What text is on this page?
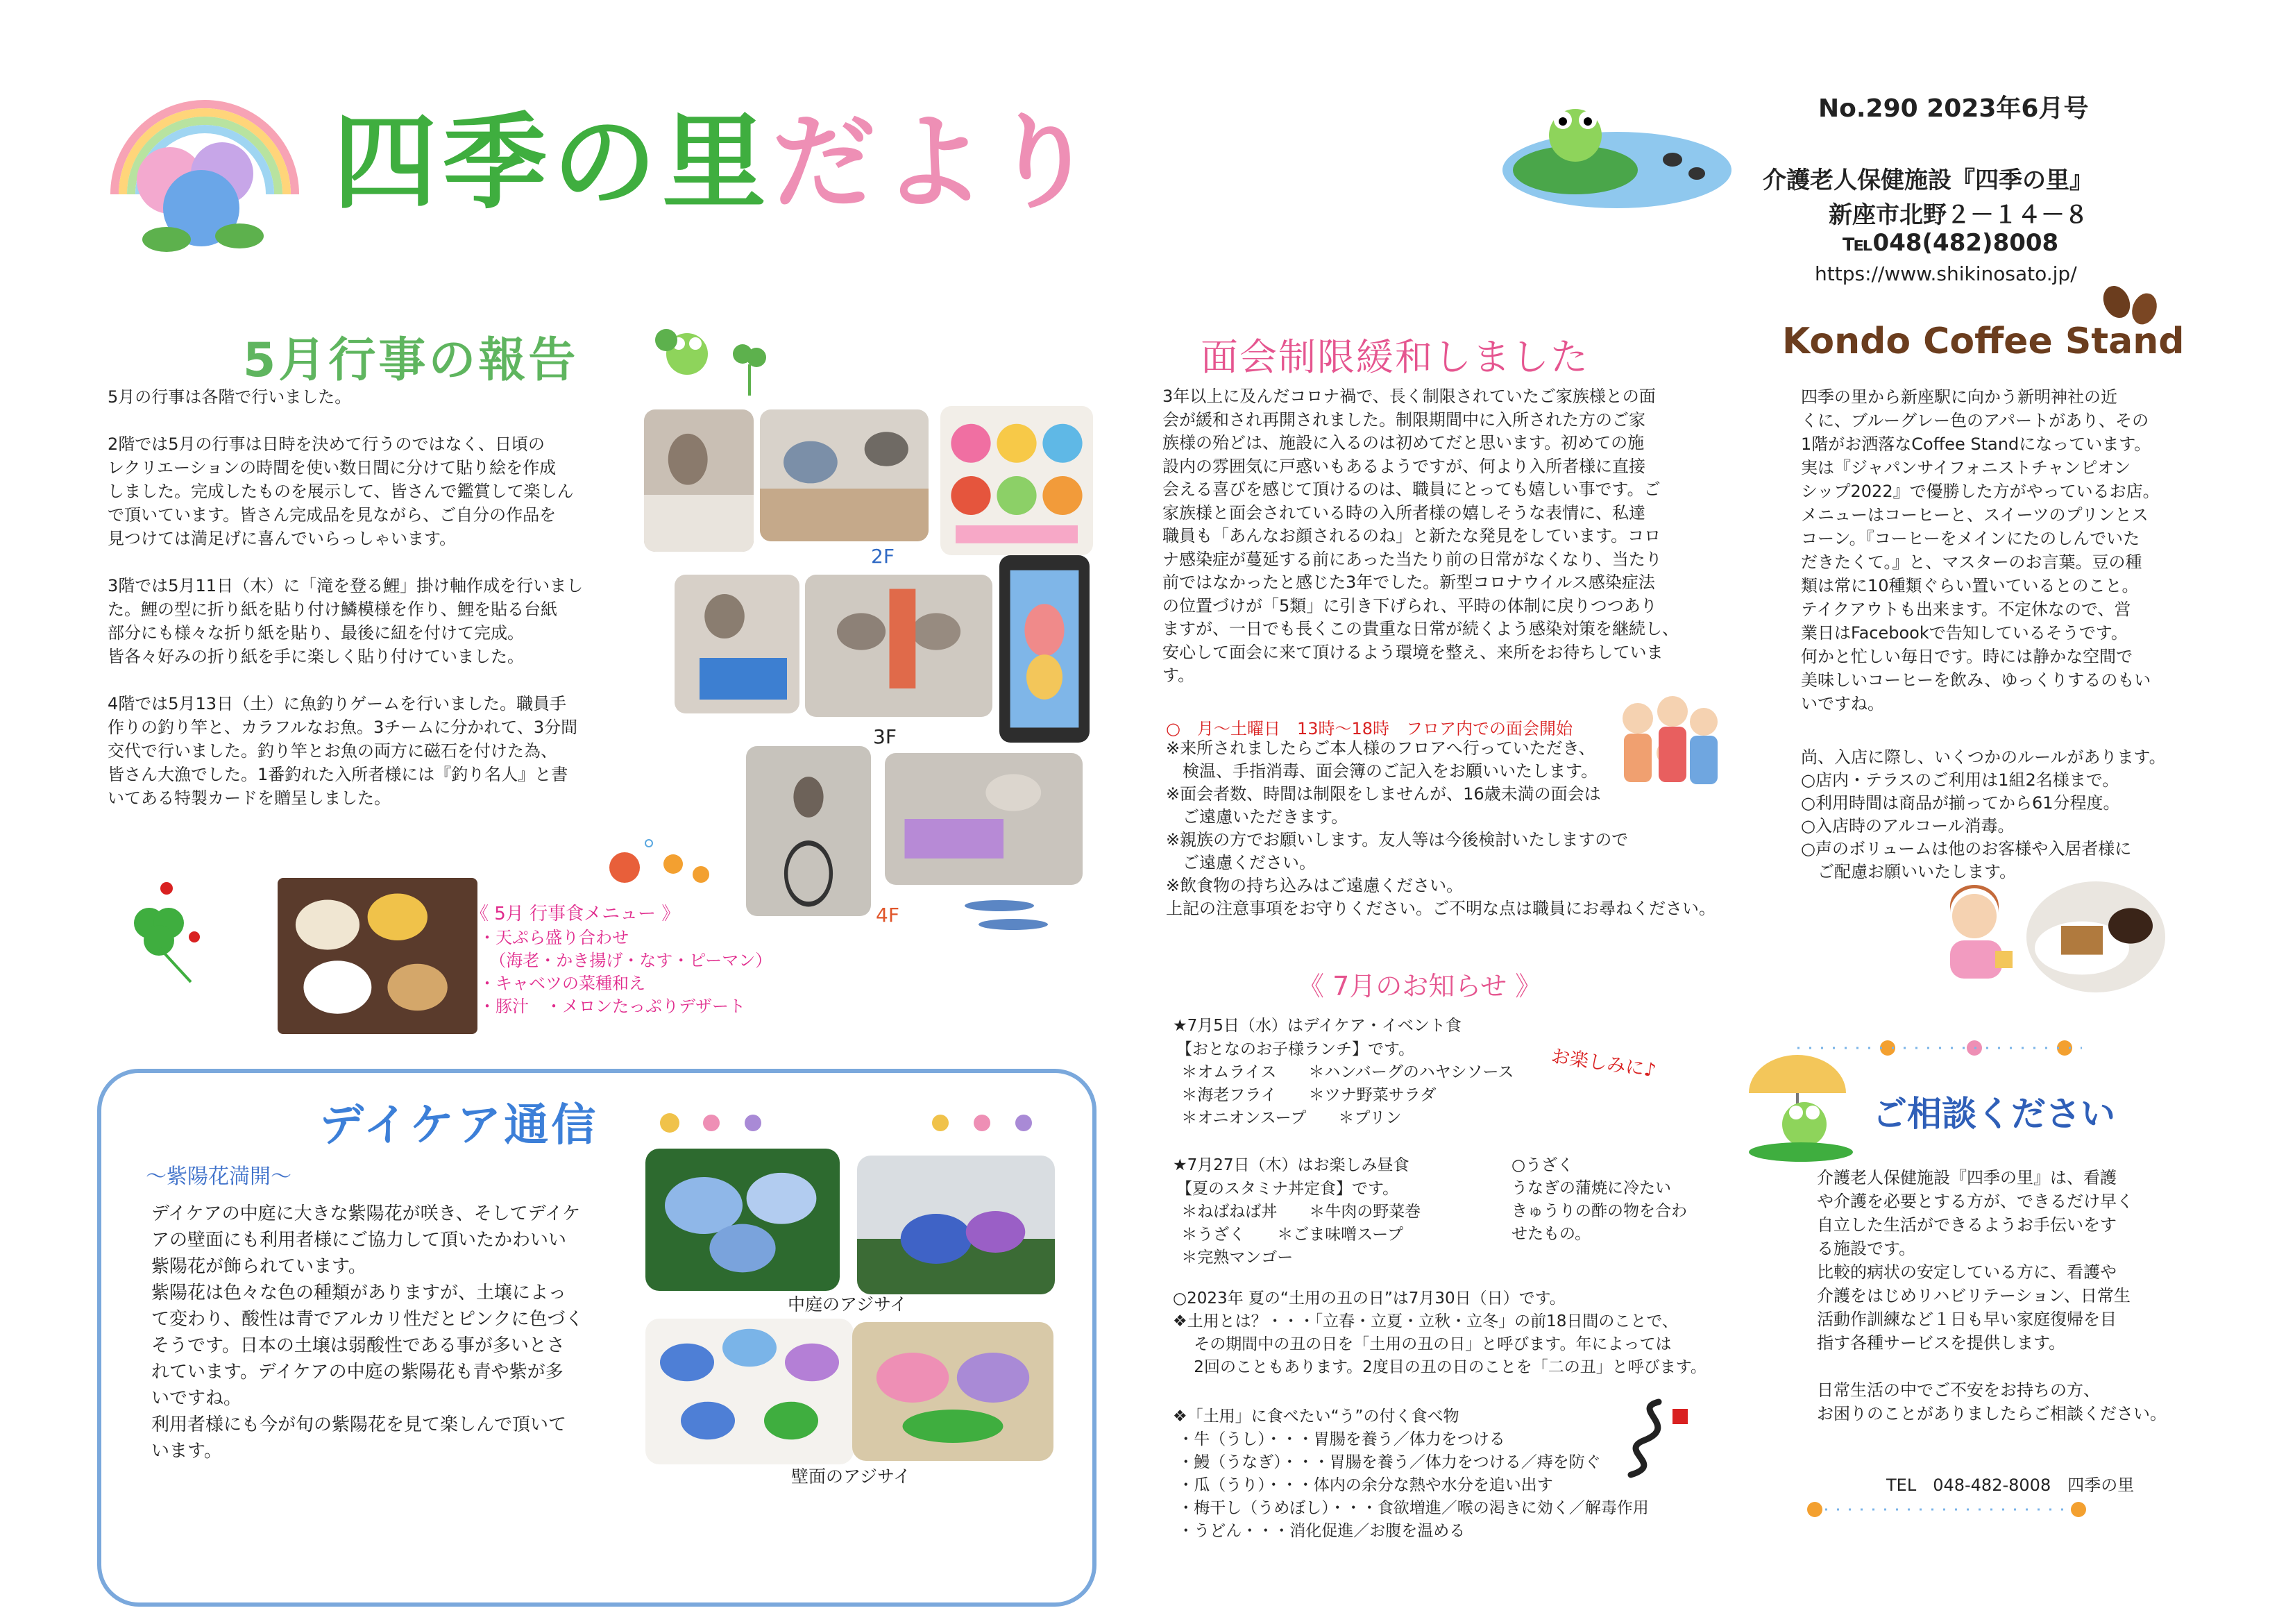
四季の里だより	No.290 2023年6月号
介護老人保健施設『四季の里』
新座市北野２－１４－８
℡048(482)8008
https://www.shikinosato.jp/
5月行事の報告
5月の行事は各階で行いました。

2階では5月の行事は日時を決めて行うのではなく、日頃の
レクリエーションの時間を使い数日間に分けて貼り絵を作成
しました。完成したものを展示して、皆さんで鑑賞して楽しん
で頂いています。皆さん完成品を見ながら、ご自分の作品を
見つけては満足げに喜んでいらっしゃいます。

3階では5月11日（木）に「滝を登る鯉」掛け軸作成を行いまし
た。鯉の型に折り紙を貼り付け鱗模様を作り、鯉を貼る台紙
部分にも様々な折り紙を貼り、最後に紐を付けて完成。
皆各々好みの折り紙を手に楽しく貼り付けていました。

4階では5月13日（土）に魚釣りゲームを行いました。職員手
作りの釣り竿と、カラフルなお魚。3チームに分かれて、3分間
交代で行いました。釣り竿とお魚の両方に磁石を付けた為、
皆さん大漁でした。1番釣れた入所者様には『釣り名人』と書
いてある特製カードを贈呈しました。
2F
3F
4F
《 5月 行事食メニュー 》
・天ぷら盛り合わせ
（海老・かき揚げ・なす・ピーマン）
・キャベツの菜種和え
・豚汁　・メロンたっぷりデザート
デイケア通信
～紫陽花満開～
デイケアの中庭に大きな紫陽花が咲き、そしてデイケ
アの壁面にも利用者様にご協力して頂いたかわいい
紫陽花が飾られています。
紫陽花は色々な色の種類がありますが、土壌によっ
て変わり、酸性は青でアルカリ性だとピンクに色づく
そうです。日本の土壌は弱酸性である事が多いとさ
れています。デイケアの中庭の紫陽花も青や紫が多
いですね。
利用者様にも今が旬の紫陽花を見て楽しんで頂いて
います。
中庭のアジサイ
壁面のアジサイ
面会制限緩和しました
3年以上に及んだコロナ禍で、長く制限されていたご家族様との面
会が緩和され再開されました。制限期間中に入所された方のご家
族様の殆どは、施設に入るのは初めてだと思います。初めての施
設内の雰囲気に戸惑いもあるようですが、何より入所者様に直接
会える喜びを感じて頂けるのは、職員にとっても嬉しい事です。ご
家族様と面会されている時の入所者様の嬉しそうな表情に、私達
職員も「あんなお顔されるのね」と新たな発見をしています。コロ
ナ感染症が蔓延する前にあった当たり前の日常がなくなり、当たり
前ではなかったと感じた3年でした。新型コロナウイルス感染症法
の位置づけが「5類」に引き下げられ、平時の体制に戻りつつあり
ますが、一日でも長くこの貴重な日常が続くよう感染対策を継続し、
安心して面会に来て頂けるよう環境を整え、来所をお待ちしていま
す。
○　月～土曜日　13時～18時　フロア内での面会開始
※来所されましたらご本人様のフロアへ行っていただき、
　検温、手指消毒、面会簿のご記入をお願いいたします。
※面会者数、時間は制限をしませんが、16歳未満の面会は
　ご遠慮いただきます。
※親族の方でお願いします。友人等は今後検討いたしますので
　ご遠慮ください。
※飲食物の持ち込みはご遠慮ください。
上記の注意事項をお守りください。ご不明な点は職員にお尋ねください。
《 7月のお知らせ 》
★7月5日（水）はデイケア・イベント食
【おとなのお子様ランチ】です。
＊オムライス　　＊ハンバーグのハヤシソース
＊海老フライ　　＊ツナ野菜サラダ
＊オニオンスープ　　＊プリン
お楽しみに♪
★7月27日（木）はお楽しみ昼食
【夏のスタミナ丼定食】です。
＊ねばねば丼　　＊牛肉の野菜巻
＊うざく　　＊ごま味噌スープ
＊完熟マンゴー
○うざく
うなぎの蒲焼に冷たい
きゅうりの酢の物を合わ
せたもの。
○2023年 夏の“土用の丑の日”は7月30日（日）です。
❖土用とは？・・・「立春・立夏・立秋・立冬」の前18日間のことで、
　その期間中の丑の日を「土用の丑の日」と呼びます。年によっては
　2回のこともあります。2度目の丑の日のことを「二の丑」と呼びます。
❖「土用」に食べたい“う”の付く食べ物
・牛（うし）・・・胃腸を養う／体力をつける
・鰻（うなぎ）・・・胃腸を養う／体力をつける／痔を防ぐ
・瓜（うり）・・・体内の余分な熱や水分を追い出す
・梅干し（うめぼし）・・・食欲増進／喉の渇きに効く／解毒作用
・うどん・・・消化促進／お腹を温める
Kondo Coffee Stand
四季の里から新座駅に向かう新明神社の近
くに、ブルーグレー色のアパートがあり、その
1階がお洒落なCoffee Standになっています。
実は『ジャパンサイフォニストチャンピオン
シップ2022』で優勝した方がやっているお店。
メニューはコーヒーと、スイーツのプリンとス
コーン。『コーヒーをメインにたのしんでいた
だきたくて。』と、マスターのお言葉。豆の種
類は常に10種類ぐらい置いているとのこと。
テイクアウトも出来ます。不定休なので、営
業日はFacebookで告知しているそうです。
何かと忙しい毎日です。時には静かな空間で
美味しいコーヒーを飲み、ゆっくりするのもい
いですね。
尚、入店に際し、いくつかのルールがあります。
○店内・テラスのご利用は1組2名様まで。
○利用時間は商品が揃ってから61分程度。
○入店時のアルコール消毒。
○声のボリュームは他のお客様や入居者様に
　ご配慮お願いいたします。
ご相談ください
介護老人保健施設『四季の里』は、看護
や介護を必要とする方が、できるだけ早く
自立した生活ができるようお手伝いをす
る施設です。
比較的病状の安定している方に、看護や
介護をはじめリハビリテーション、日常生
活動作訓練など１日も早い家庭復帰を目
指す各種サービスを提供します。

日常生活の中でご不安をお持ちの方、
お困りのことがありましたらご相談ください。
TEL　048-482-8008　四季の里
